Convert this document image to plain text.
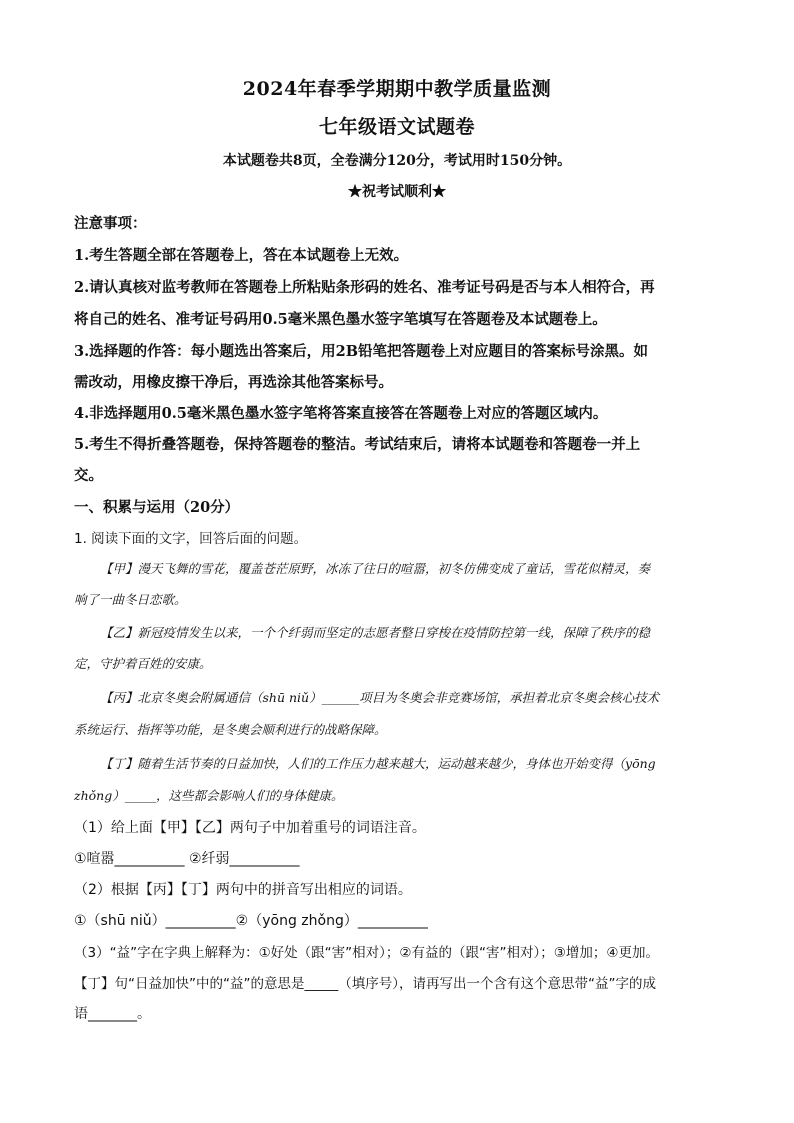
2024年春季学期期中教学质量监测
七年级语文试题卷
本试题卷共8页，全卷满分120分，考试用时150分钟。
★祝考试顺利★
注意事项：
1.考生答题全部在答题卷上，答在本试题卷上无效。
2.请认真核对监考教师在答题卷上所粘贴条形码的姓名、准考证号码是否与本人相符合，再
将自己的姓名、准考证号码用0.5毫米黑色墨水签字笔填写在答题卷及本试题卷上。
3.选择题的作答：每小题选出答案后，用2B铅笔把答题卷上对应题目的答案标号涂黑。如
需改动，用橡皮擦干净后，再选涂其他答案标号。
4.非选择题用0.5毫米黑色墨水签字笔将答案直接答在答题卷上对应的答题区域内。
5.考生不得折叠答题卷，保持答题卷的整洁。考试结束后，请将本试题卷和答题卷一并上
交。
一、积累与运用（20分）
1. 阅读下面的文字，回答后面的问题。
【甲】漫天飞舞的雪花，覆盖苍茫原野，冰冻了往日的喧嚣，初冬仿佛变成了童话，雪花似精灵，奏
响了一曲冬日恋歌。
【乙】新冠疫情发生以来，一个个纤弱而坚定的志愿者整日穿梭在疫情防控第一线，保障了秩序的稳
定，守护着百姓的安康。
【丙】北京冬奥会附属通信（shū niǔ）______项目为冬奥会非竞赛场馆，承担着北京冬奥会核心技术
系统运行、指挥等功能，是冬奥会顺利进行的战略保障。
【丁】随着生活节奏的日益加快，人们的工作压力越来越大，运动越来越少，身体也开始变得（yōng
zhǒng）_____，这些都会影响人们的身体健康。
（1）给上面【甲】【乙】两句子中加着重号的词语注音。
①喧嚣__________ ②纤弱__________
（2）根据【丙】【丁】两句中的拼音写出相应的词语。
①（shū niǔ）__________②（yōng zhǒng）__________
（3）“益”字在字典上解释为：①好处（跟“害”相对）；②有益的（跟“害”相对）；③增加；④更加。
【丁】句“日益加快”中的“益”的意思是_____（填序号），请再写出一个含有这个意思带“益”字的成
语_______。
